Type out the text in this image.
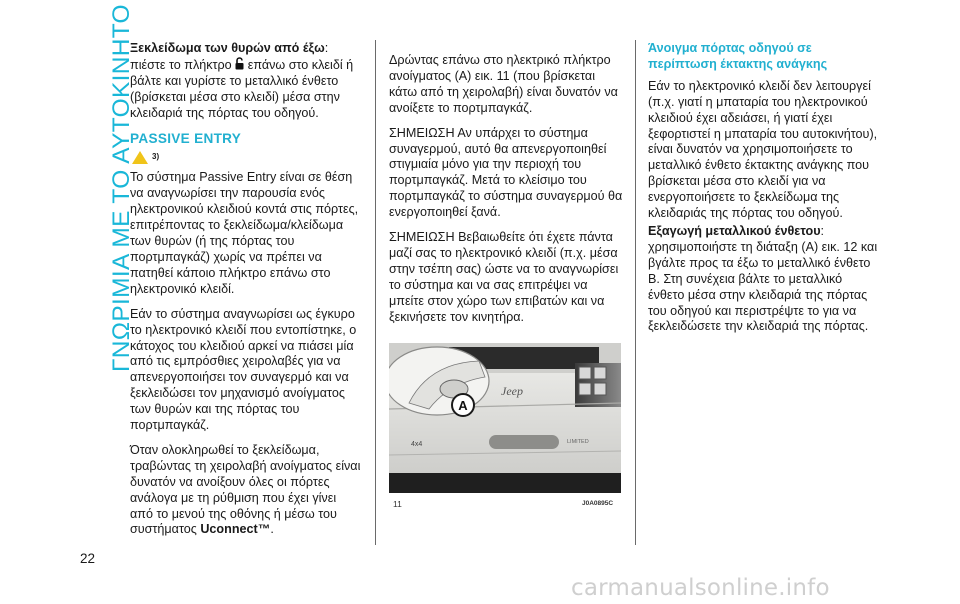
ΓΝΩΡΙΜΙΑ ΜΕ ΤΟ ΑΥΤΟΚΙΝΗΤΟ

Ξεκλείδωμα των θυρών από έξω: πιέστε το πλήκτρο  επάνω στο κλειδί ή βάλτε και γυρίστε το μεταλλικό ένθετο (βρίσκεται μέσα στο κλειδί) μέσα στην κλειδαριά της πόρτας του οδηγού.

PASSIVE ENTRY
3)

Το σύστημα Passive Entry είναι σε θέση να αναγνωρίσει την παρουσία ενός ηλεκτρονικού κλειδιού κοντά στις πόρτες, επιτρέποντας το ξεκλείδωμα/κλείδωμα των θυρών (ή της πόρτας του πορτμπαγκάζ) χωρίς να πρέπει να πατηθεί κάποιο πλήκτρο επάνω στο ηλεκτρονικό κλειδί.

Εάν το σύστημα αναγνωρίσει ως έγκυρο το ηλεκτρονικό κλειδί που εντοπίστηκε, ο κάτοχος του κλειδιού αρκεί να πιάσει μία από τις εμπρόσθιες χειρολαβές για να απενεργοποιήσει τον συναγερμό και να ξεκλειδώσει τον μηχανισμό ανοίγματος των θυρών και της πόρτας του πορτμπαγκάζ.

Όταν ολοκληρωθεί το ξεκλείδωμα, τραβώντας τη χειρολαβή ανοίγματος είναι δυνατόν να ανοίξουν όλες οι πόρτες ανάλογα με τη ρύθμιση που έχει γίνει από το μενού της οθόνης ή μέσω του συστήματος Uconnect™.

Δρώντας επάνω στο ηλεκτρικό πλήκτρο ανοίγματος (A) εικ. 11 (που βρίσκεται κάτω από τη χειρολαβή) είναι δυνατόν να ανοίξετε το πορτμπαγκάζ.

ΣΗΜΕΙΩΣΗ Αν υπάρχει το σύστημα συναγερμού, αυτό θα απενεργοποιηθεί στιγμιαία μόνο για την περιοχή του πορτμπαγκάζ. Μετά το κλείσιμο του πορτμπαγκάζ το σύστημα συναγερμού θα ενεργοποιηθεί ξανά.

ΣΗΜΕΙΩΣΗ Βεβαιωθείτε ότι έχετε πάντα μαζί σας το ηλεκτρονικό κλειδί (π.χ. μέσα στην τσέπη σας) ώστε να το αναγνωρίσει το σύστημα και να σας επιτρέψει να μπείτε στον χώρο των επιβατών και να ξεκινήσετε τον κινητήρα.

A
Jeep
4x4	LIMITED
11	J0A0895C

Άνοιγμα πόρτας οδηγού σε περίπτωση έκτακτης ανάγκης

Εάν το ηλεκτρονικό κλειδί δεν λειτουργεί (π.χ. γιατί η μπαταρία του ηλεκτρονικού κλειδιού έχει αδειάσει, ή γιατί έχει ξεφορτιστεί η μπαταρία του αυτοκινήτου), είναι δυνατόν να χρησιμοποιήσετε το μεταλλικό ένθετο έκτακτης ανάγκης που βρίσκεται μέσα στο κλειδί για να ενεργοποιήσετε το ξεκλείδωμα της κλειδαριάς της πόρτας του οδηγού.

Εξαγωγή μεταλλικού ένθετου: χρησιμοποιήστε τη διάταξη (A) εικ. 12 και βγάλτε προς τα έξω το μεταλλικό ένθετο B. Στη συνέχεια βάλτε το μεταλλικό ένθετο μέσα στην κλειδαριά της πόρτας του οδηγού και περιστρέψτε το για να ξεκλειδώσετε την κλειδαριά της πόρτας.

22
carmanualsonline.info
